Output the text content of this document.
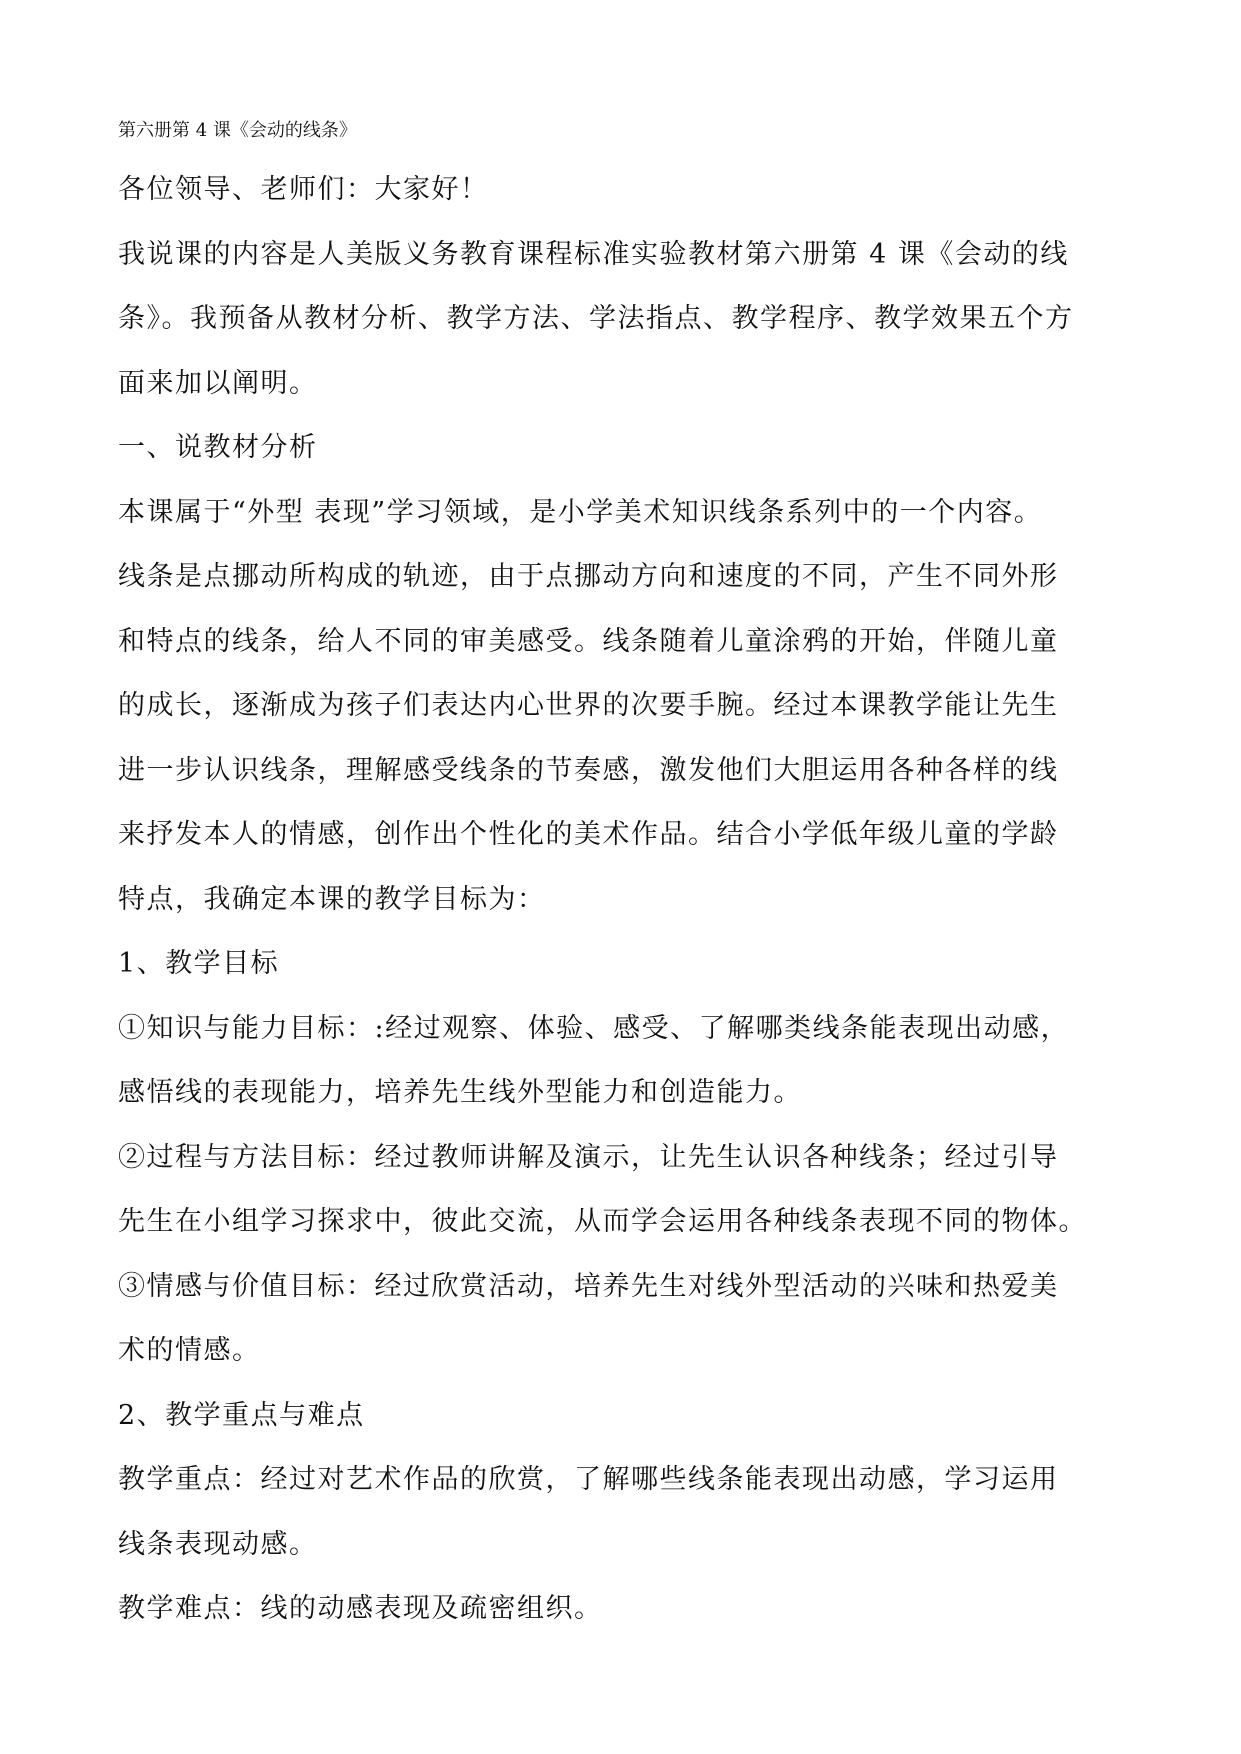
第六册第 4 课《会动的线条》
各位领导、老师们：大家好！
我说课的内容是人美版义务教育课程标准实验教材第六册第 4 课《会动的线
条》。我预备从教材分析、教学方法、学法指点、教学程序、教学效果五个方
面来加以阐明。
一、说教材分析
本课属于“外型 表现”学习领域，是小学美术知识线条系列中的一个内容。
线条是点挪动所构成的轨迹，由于点挪动方向和速度的不同，产生不同外形
和特点的线条，给人不同的审美感受。线条随着儿童涂鸦的开始，伴随儿童
的成长，逐渐成为孩子们表达内心世界的次要手腕。经过本课教学能让先生
进一步认识线条，理解感受线条的节奏感，激发他们大胆运用各种各样的线
来抒发本人的情感，创作出个性化的美术作品。结合小学低年级儿童的学龄
特点，我确定本课的教学目标为：
1、教学目标
①知识与能力目标：:经过观察、体验、感受、了解哪类线条能表现出动感，
感悟线的表现能力，培养先生线外型能力和创造能力。
②过程与方法目标：经过教师讲解及演示，让先生认识各种线条；经过引导
先生在小组学习探求中，彼此交流，从而学会运用各种线条表现不同的物体。
③情感与价值目标：经过欣赏活动，培养先生对线外型活动的兴味和热爱美
术的情感。
2、教学重点与难点
教学重点：经过对艺术作品的欣赏，了解哪些线条能表现出动感，学习运用
线条表现动感。
教学难点：线的动感表现及疏密组织。
